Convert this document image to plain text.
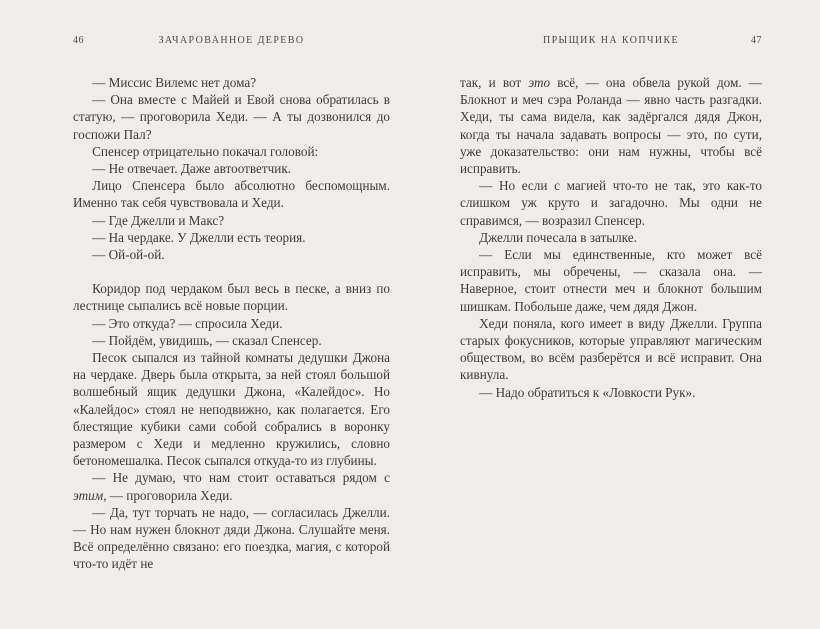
46	ЗАЧАРОВАННОЕ ДЕРЕВО

— Миссис Вилемс нет дома?

— Она вместе с Майей и Евой снова обратилась в статую, — проговорила Хеди. — А ты дозвонился до госпожи Пал?

Спенсер отрицательно покачал головой:

— Не отвечает. Даже автоответчик.

Лицо Спенсера было абсолютно беспомощным. Именно так себя чувствовала и Хеди.

— Где Джелли и Макс?

— На чердаке. У Джелли есть теория.

— Ой-ой-ой.

Коридор под чердаком был весь в песке, а вниз по лестнице сыпались всё новые порции.

— Это откуда? — спросила Хеди.

— Пойдём, увидишь, — сказал Спенсер.

Песок сыпался из тайной комнаты дедушки Джона на чердаке. Дверь была открыта, за ней стоял большой волшебный ящик дедушки Джона, «Калейдос». Но «Калейдос» стоял не неподвижно, как полагается. Его блестящие кубики сами собой собрались в воронку размером с Хеди и медленно кружились, словно бетономешалка. Песок сыпался откуда-то из глубины.

— Не думаю, что нам стоит оставаться рядом с этим, — проговорила Хеди.

— Да, тут торчать не надо, — согласилась Джелли. — Но нам нужен блокнот дяди Джона. Слушайте меня. Всё определённо связано: его поездка, магия, с которой что-то идёт не

ПРЫЩИК НА КОПЧИКЕ	47

так, и вот это всё, — она обвела рукой дом. — Блокнот и меч сэра Роланда — явно часть разгадки. Хеди, ты сама видела, как задёргался дядя Джон, когда ты начала задавать вопросы — это, по сути, уже доказательство: они нам нужны, чтобы всё исправить.

— Но если с магией что-то не так, это как-то слишком уж круто и загадочно. Мы одни не справимся, — возразил Спенсер.

Джелли почесала в затылке.

— Если мы единственные, кто может всё исправить, мы обречены, — сказала она. — Наверное, стоит отнести меч и блокнот большим шишкам. Побольше даже, чем дядя Джон.

Хеди поняла, кого имеет в виду Джелли. Группа старых фокусников, которые управляют магическим обществом, во всём разберётся и всё исправит. Она кивнула.

— Надо обратиться к «Ловкости Рук».
